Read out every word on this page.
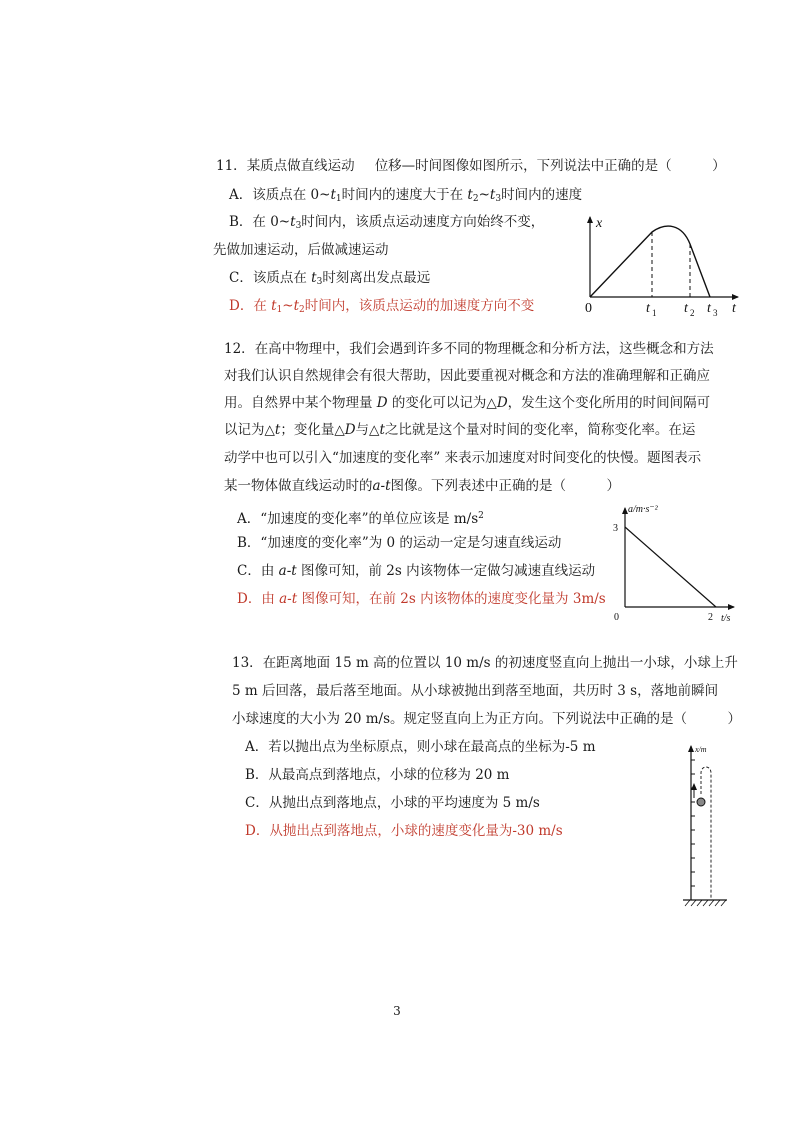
11．某质点做直线运动 位移—时间图像如图所示，下列说法中正确的是（　　　）
A．该质点在 $0\sim t_1$时间内的速度大于在 $t_2\sim t_3$时间内的速度
B．在 $0\sim t_3$时间内，该质点运动速度方向始终不变，
先做加速运动，后做减速运动
C．该质点在 $t_3$时刻离出发点最远
D．在 $t_1\sim t_2$时间内，该质点运动的加速度方向不变
x
0	t 1 t 2 t 3 t
12．在高中物理中，我们会遇到许多不同的物理概念和分析方法，这些概念和方法
对我们认识自然规律会有很大帮助，因此要重视对概念和方法的准确理解和正确应
用。自然界中某个物理量 D 的变化可以记为△D，发生这个变化所用的时间间隔可
以记为△t；变化量△D与△t之比就是这个量对时间的变化率，简称变化率。在运
动学中也可以引入“加速度的变化率” 来表示加速度对时间变化的快慢。题图表示
某一物体做直线运动时的a-t图像。下列表述中正确的是（　　　）
A．“加速度的变化率”的单位应该是 $m/s^2$
B．“加速度的变化率”为 0 的运动一定是匀速直线运动
C．由 a-t 图像可知，前 2s 内该物体一定做匀减速直线运动
D．由 a-t 图像可知，在前 2s 内该物体的速度变化量为 3m/s
a/m·s⁻²
3
0	2 t/s
13．在距离地面 15 m 高的位置以 10 m/s 的初速度竖直向上抛出一小球，小球上升
5 m 后回落，最后落至地面。从小球被抛出到落至地面，共历时 3 s，落地前瞬间
小球速度的大小为 20 m/s。规定竖直向上为正方向。下列说法中正确的是（　　　）
A．若以抛出点为坐标原点，则小球在最高点的坐标为-5 m
B．从最高点到落地点，小球的位移为 20 m
C．从抛出点到落地点，小球的平均速度为 5 m/s
D．从抛出点到落地点，小球的速度变化量为-30 m/s
x/m
3
